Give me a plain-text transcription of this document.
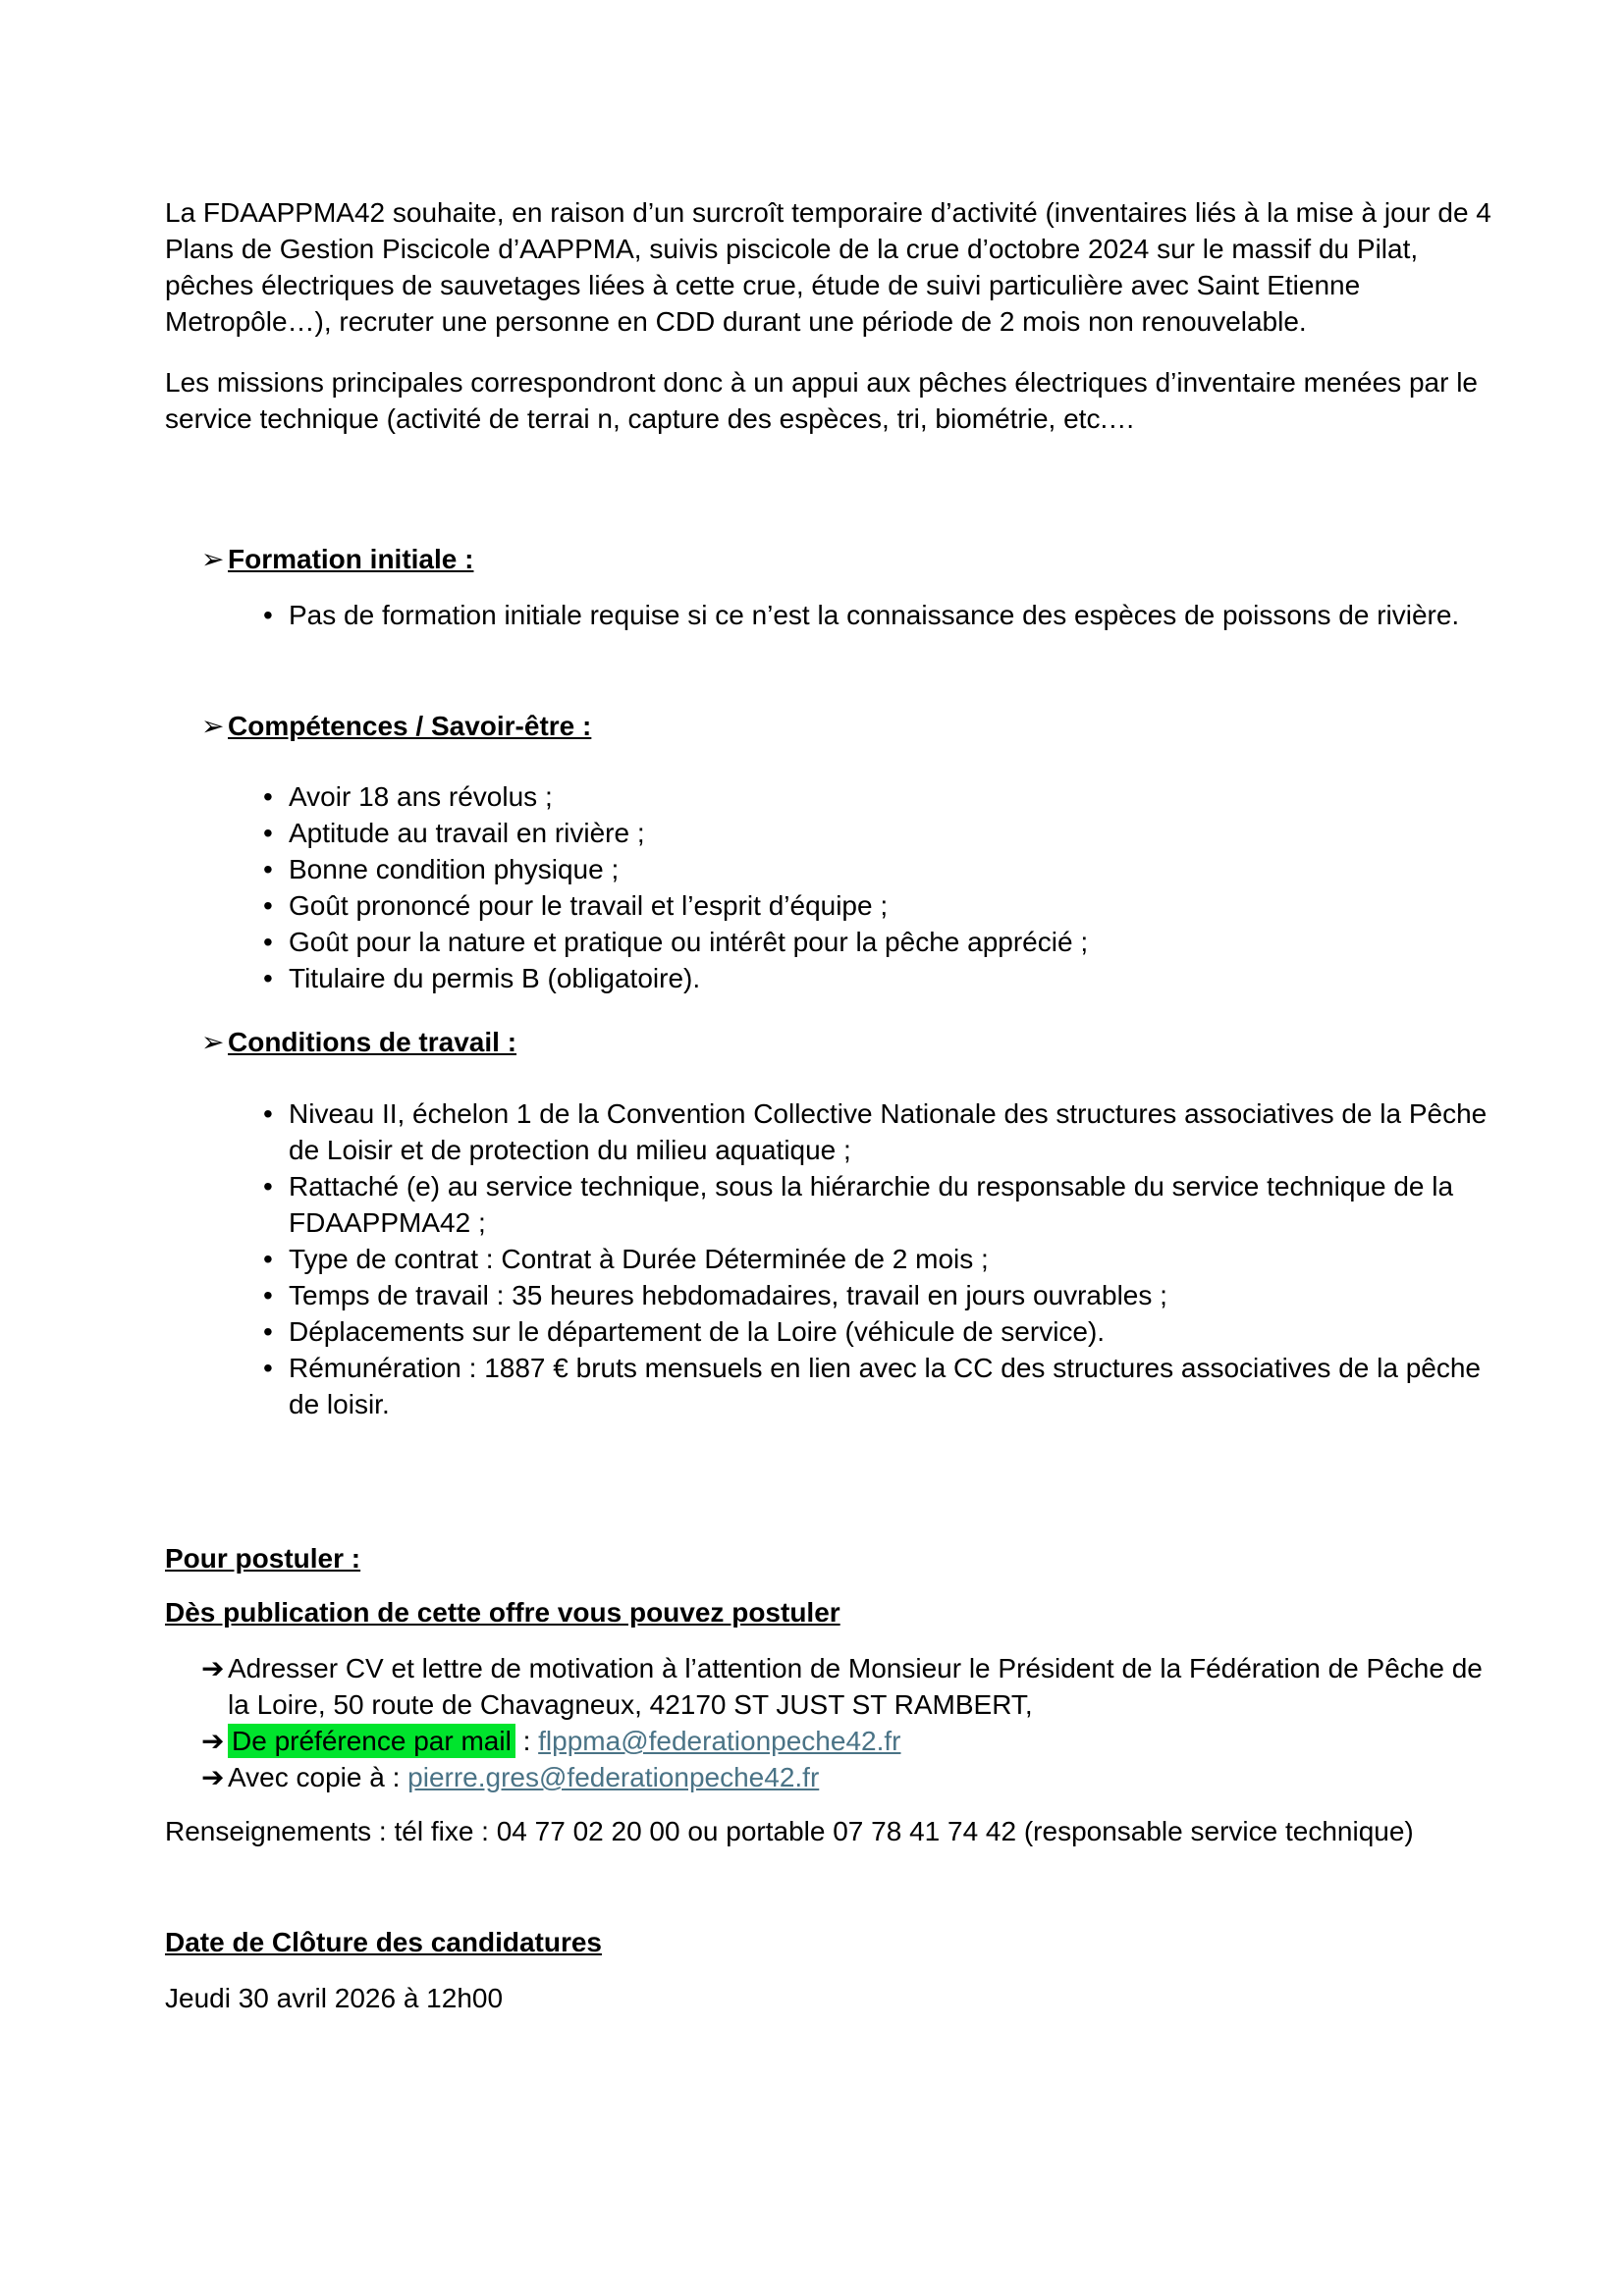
La FDAAPPMA42 souhaite, en raison d’un surcroît temporaire d’activité (inventaires liés à la mise à jour de 4 Plans de Gestion Piscicole d’AAPPMA, suivis piscicole de la crue d’octobre 2024 sur le massif du Pilat, pêches électriques de sauvetages liées à cette crue, étude de suivi particulière avec Saint Etienne Metropôle…), recruter une personne en CDD durant une période de 2 mois non renouvelable.

Les missions principales correspondront donc à un appui aux pêches électriques d’inventaire menées par le service technique (activité de terrai n, capture des espèces, tri, biométrie, etc.…

➢ Formation initiale :
• Pas de formation initiale requise si ce n’est la connaissance des espèces de poissons de rivière.
➢ Compétences / Savoir-être :
• Avoir 18 ans révolus ;
• Aptitude au travail en rivière ;
• Bonne condition physique ;
• Goût prononcé pour le travail et l’esprit d’équipe ;
• Goût pour la nature et pratique ou intérêt pour la pêche apprécié ;
• Titulaire du permis B (obligatoire).
➢ Conditions de travail :
• Niveau II, échelon 1 de la Convention Collective Nationale des structures associatives de la Pêche de Loisir et de protection du milieu aquatique ;
• Rattaché (e) au service technique, sous la hiérarchie du responsable du service technique de la FDAAPPMA42 ;
• Type de contrat : Contrat à Durée Déterminée de 2 mois ;
• Temps de travail : 35 heures hebdomadaires, travail en jours ouvrables ;
• Déplacements sur le département de la Loire (véhicule de service).
• Rémunération : 1887 € bruts mensuels en lien avec la CC des structures associatives de la pêche de loisir.
Pour postuler :
Dès publication de cette offre vous pouvez postuler
➔ Adresser CV et lettre de motivation à l’attention de Monsieur le Président de la Fédération de Pêche de la Loire, 50 route de Chavagneux, 42170 ST JUST ST RAMBERT,
➔ De préférence par mail : flppma@federationpeche42.fr
➔ Avec copie à : pierre.gres@federationpeche42.fr

Renseignements : tél fixe : 04 77 02 20 00 ou portable 07 78 41 74 42 (responsable service technique)

Date de Clôture des candidatures

Jeudi 30 avril 2026 à 12h00
